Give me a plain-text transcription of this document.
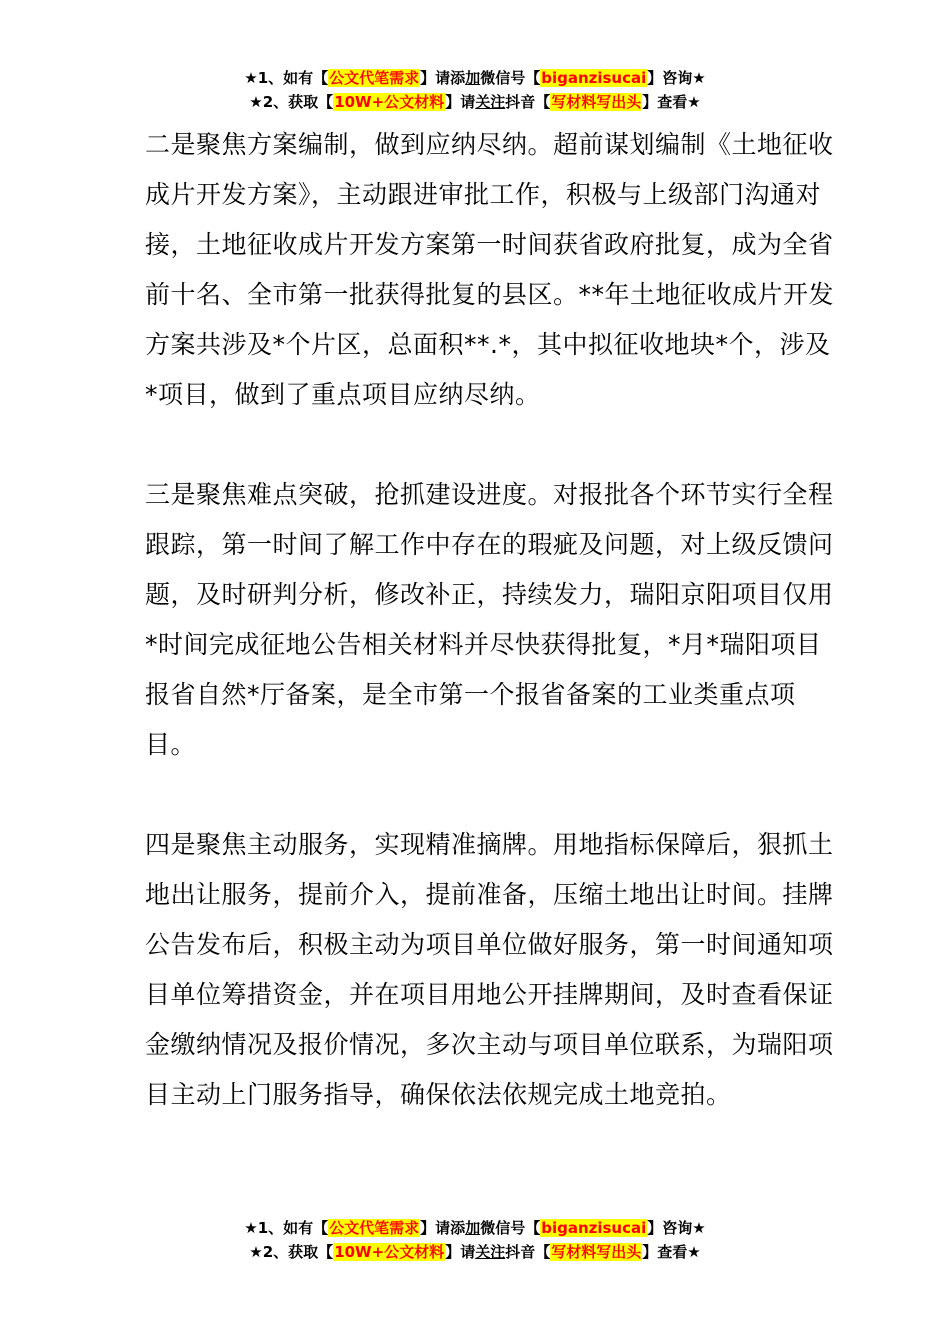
★1、如有【公文代笔需求】请添加微信号【biganzisucai】咨询★
★2、获取【10W+公文材料】请关注抖音【写材料写出头】查看★

二是聚焦方案编制，做到应纳尽纳。超前谋划编制《土地征收成片开发方案》，主动跟进审批工作，积极与上级部门沟通对接，土地征收成片开发方案第一时间获省政府批复，成为全省前十名、全市第一批获得批复的县区。**年土地征收成片开发方案共涉及*个片区，总面积**.*，其中拟征收地块*个，涉及*项目，做到了重点项目应纳尽纳。

三是聚焦难点突破，抢抓建设进度。对报批各个环节实行全程跟踪，第一时间了解工作中存在的瑕疵及问题，对上级反馈问题，及时研判分析，修改补正，持续发力，瑞阳京阳项目仅用*时间完成征地公告相关材料并尽快获得批复，*月*瑞阳项目报省自然*厅备案，是全市第一个报省备案的工业类重点项目。

四是聚焦主动服务，实现精准摘牌。用地指标保障后，狠抓土地出让服务，提前介入，提前准备，压缩土地出让时间。挂牌公告发布后，积极主动为项目单位做好服务，第一时间通知项目单位筹措资金，并在项目用地公开挂牌期间，及时查看保证金缴纳情况及报价情况，多次主动与项目单位联系，为瑞阳项目主动上门服务指导，确保依法依规完成土地竞拍。

★1、如有【公文代笔需求】请添加微信号【biganzisucai】咨询★
★2、获取【10W+公文材料】请关注抖音【写材料写出头】查看★
